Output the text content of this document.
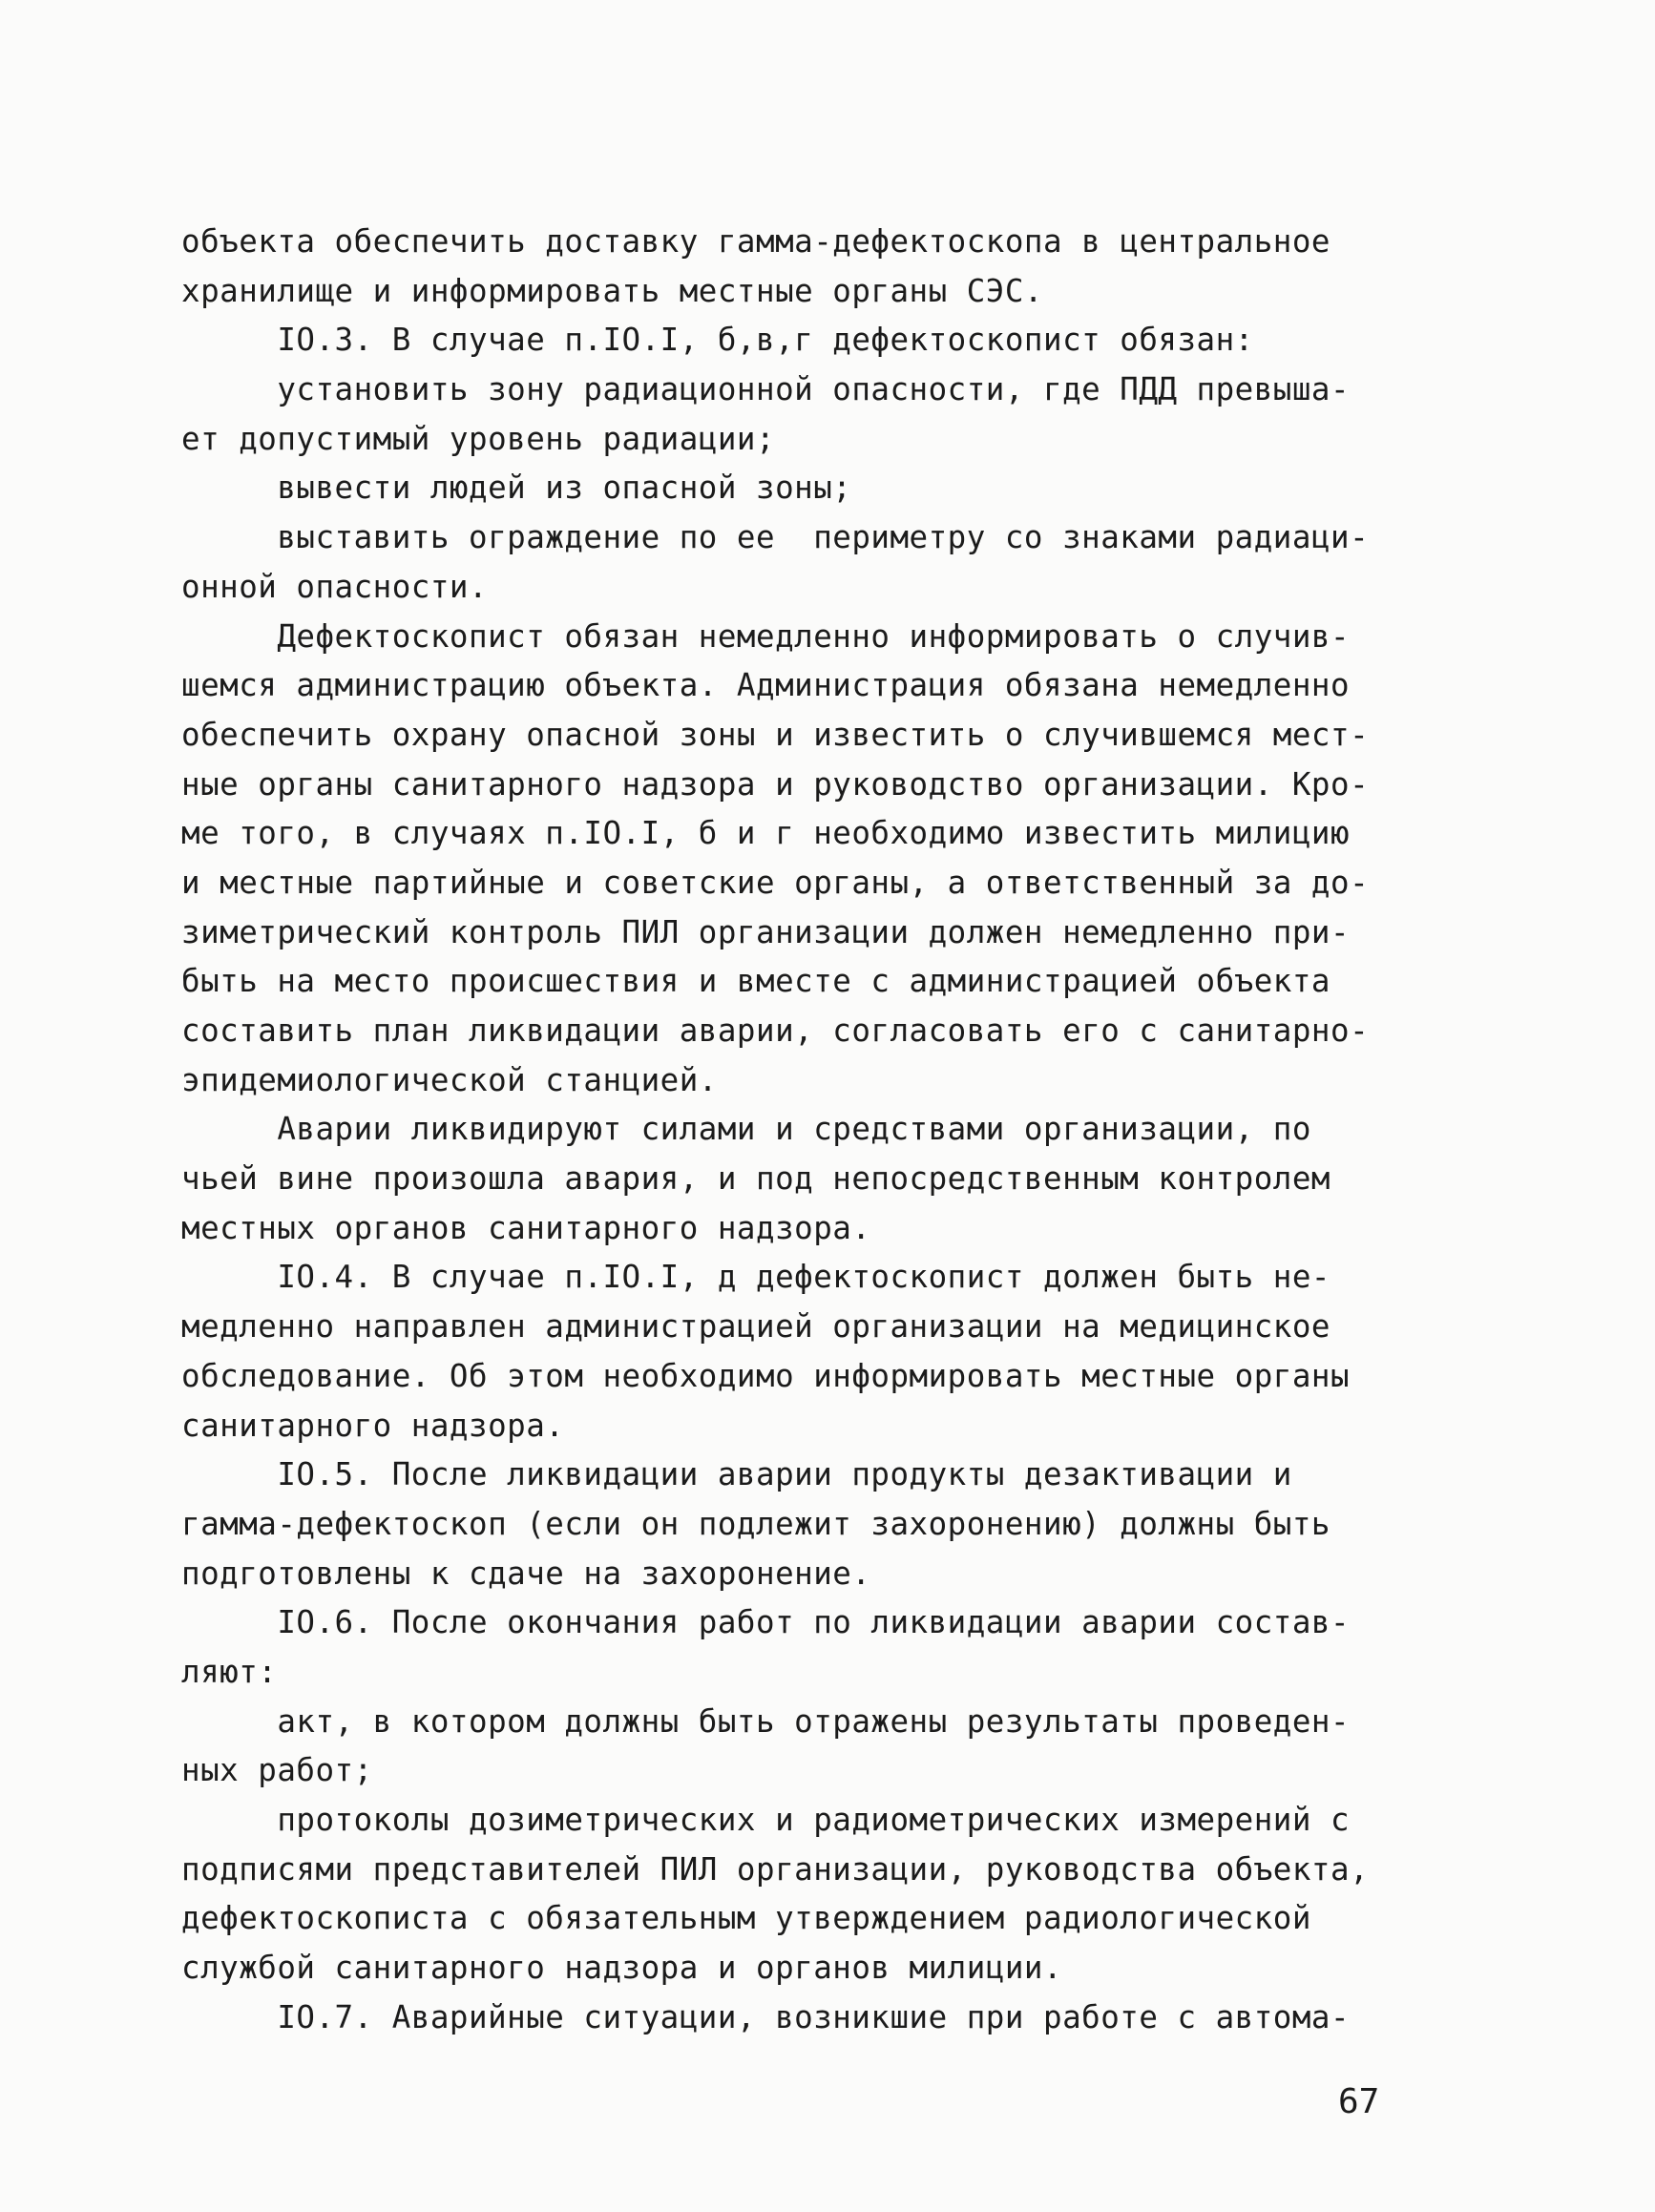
объекта обеспечить доставку гамма-дефектоскопа в центральное
хранилище и информировать местные органы СЭС.
IO.3. В случае п.IO.I, б,в,г дефектоскопист обязан:
установить зону радиационной опасности, где ПДД превыша-
ет допустимый уровень радиации;
вывести людей из опасной зоны;
выставить ограждение по ее  периметру со знаками радиаци-
онной опасности.
Дефектоскопист обязан немедленно информировать о случив-
шемся администрацию объекта. Администрация обязана немедленно
обеспечить охрану опасной зоны и известить о случившемся мест-
ные органы санитарного надзора и руководство организации. Кро-
ме того, в случаях п.IO.I, б и г необходимо известить милицию
и местные партийные и советские органы, а ответственный за до-
зиметрический контроль ПИЛ организации должен немедленно при-
быть на место происшествия и вместе с администрацией объекта
составить план ликвидации аварии, согласовать его с санитарно-
эпидемиологической станцией.
Аварии ликвидируют силами и средствами организации, по
чьей вине произошла авария, и под непосредственным контролем
местных органов санитарного надзора.
IO.4. В случае п.IO.I, д дефектоскопист должен быть не-
медленно направлен администрацией организации на медицинское
обследование. Об этом необходимо информировать местные органы
санитарного надзора.
IO.5. После ликвидации аварии продукты дезактивации и
гамма-дефектоскоп (если он подлежит захоронению) должны быть
подготовлены к сдаче на захоронение.
IO.6. После окончания работ по ликвидации аварии состав-
ляют:
акт, в котором должны быть отражены результаты проведен-
ных работ;
протоколы дозиметрических и радиометрических измерений с
подписями представителей ПИЛ организации, руководства объекта,
дефектоскописта с обязательным утверждением радиологической
службой санитарного надзора и органов милиции.
IO.7. Аварийные ситуации, возникшие при работе с автома-
67
